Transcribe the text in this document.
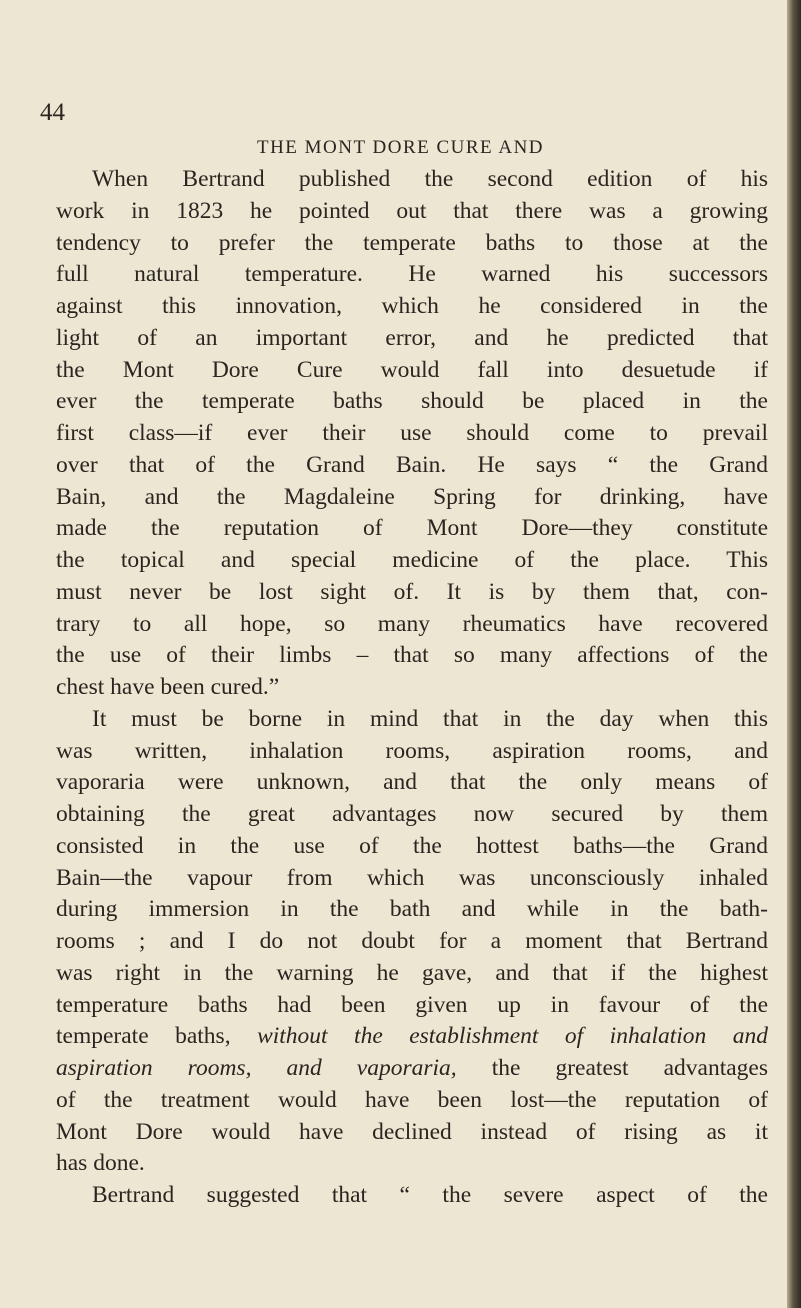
44
THE MONT DORE CURE AND
When Bertrand published the second edition of his
work in 1823 he pointed out that there was a growing
tendency to prefer the temperate baths to those at the
full natural temperature. He warned his successors
against this innovation, which he considered in the
light of an important error, and he predicted that
the Mont Dore Cure would fall into desuetude if
ever the temperate baths should be placed in the
first class—if ever their use should come to prevail
over that of the Grand Bain. He says “ the Grand
Bain, and the Magdaleine Spring for drinking, have
made the reputation of Mont Dore—they constitute
the topical and special medicine of the place. This
must never be lost sight of. It is by them that, con-
trary to all hope, so many rheumatics have recovered
the use of their limbs – that so many affections of the
chest have been cured.”
It must be borne in mind that in the day when this
was written, inhalation rooms, aspiration rooms, and
vaporaria were unknown, and that the only means of
obtaining the great advantages now secured by them
consisted in the use of the hottest baths—the Grand
Bain—the vapour from which was unconsciously inhaled
during immersion in the bath and while in the bath-
rooms ; and I do not doubt for a moment that Bertrand
was right in the warning he gave, and that if the highest
temperature baths had been given up in favour of the
temperate baths, without the establishment of inhalation and
aspiration rooms, and vaporaria, the greatest advantages
of the treatment would have been lost—the reputation of
Mont Dore would have declined instead of rising as it
has done.
Bertrand suggested that “ the severe aspect of the
